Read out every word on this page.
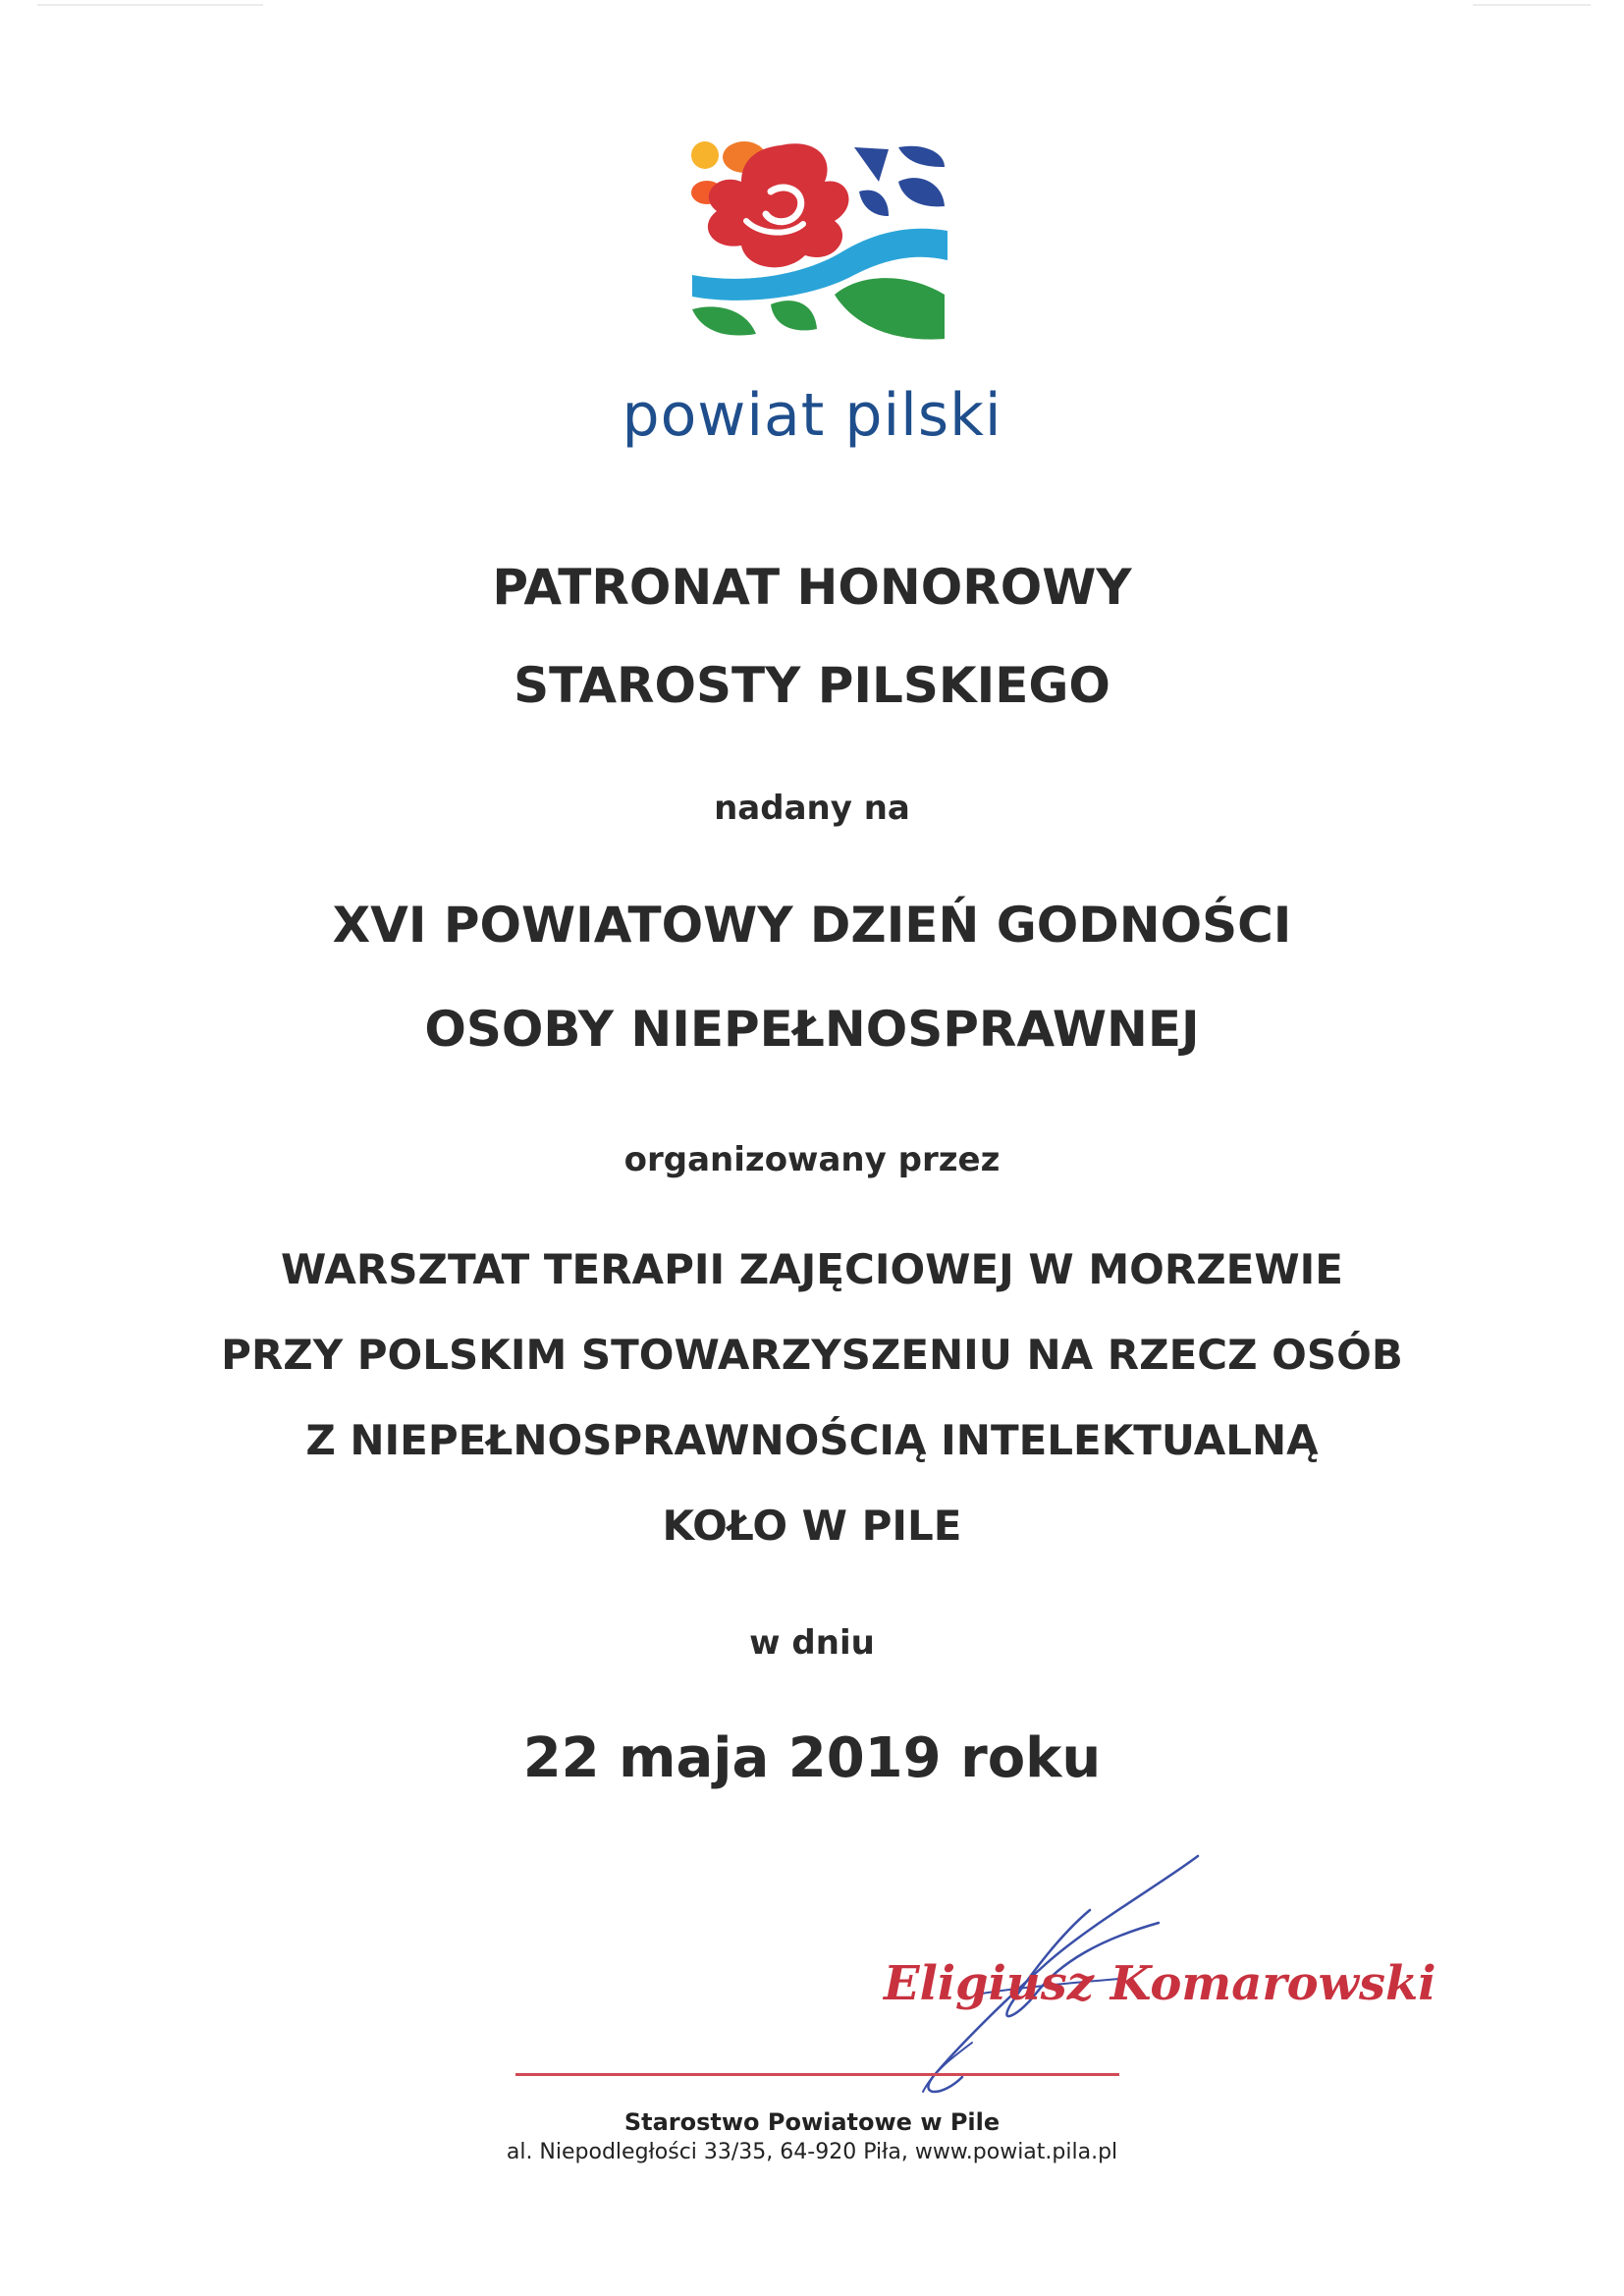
powiat pilski
PATRONAT HONOROWY
STAROSTY PILSKIEGO
nadany na
XVI POWIATOWY DZIEŃ GODNOŚCI
OSOBY NIEPEŁNOSPRAWNEJ
organizowany przez
WARSZTAT TERAPII ZAJĘCIOWEJ W MORZEWIE
PRZY POLSKIM STOWARZYSZENIU NA RZECZ OSÓB
Z NIEPEŁNOSPRAWNOŚCIĄ INTELEKTUALNĄ
KOŁO W PILE
w dniu
22 maja 2019 roku
Eligiusz Komarowski
Starostwo Powiatowe w Pile
al. Niepodległości 33/35, 64-920 Piła, www.powiat.pila.pl
